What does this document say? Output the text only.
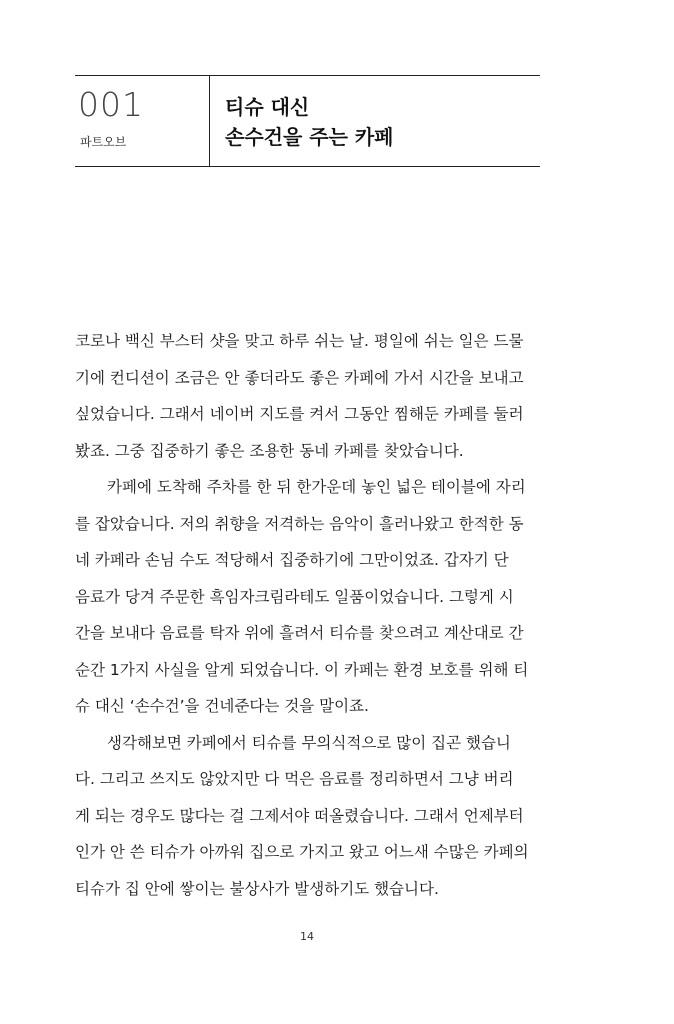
001
파트오브
티슈 대신
손수건을 주는 카페

코로나 백신 부스터 샷을 맞고 하루 쉬는 날. 평일에 쉬는 일은 드물
기에 컨디션이 조금은 안 좋더라도 좋은 카페에 가서 시간을 보내고
싶었습니다. 그래서 네이버 지도를 켜서 그동안 찜해둔 카페를 둘러
봤죠. 그중 집중하기 좋은 조용한 동네 카페를 찾았습니다.

카페에 도착해 주차를 한 뒤 한가운데 놓인 넓은 테이블에 자리
를 잡았습니다. 저의 취향을 저격하는 음악이 흘러나왔고 한적한 동
네 카페라 손님 수도 적당해서 집중하기에 그만이었죠. 갑자기 단
음료가 당겨 주문한 흑임자크림라테도 일품이었습니다. 그렇게 시
간을 보내다 음료를 탁자 위에 흘려서 티슈를 찾으려고 계산대로 간
순간 1가지 사실을 알게 되었습니다. 이 카페는 환경 보호를 위해 티
슈 대신 ‘손수건’을 건네준다는 것을 말이죠.

생각해보면 카페에서 티슈를 무의식적으로 많이 집곤 했습니
다. 그리고 쓰지도 않았지만 다 먹은 음료를 정리하면서 그냥 버리
게 되는 경우도 많다는 걸 그제서야 떠올렸습니다. 그래서 언제부터
인가 안 쓴 티슈가 아까워 집으로 가지고 왔고 어느새 수많은 카페의
티슈가 집 안에 쌓이는 불상사가 발생하기도 했습니다.

14
